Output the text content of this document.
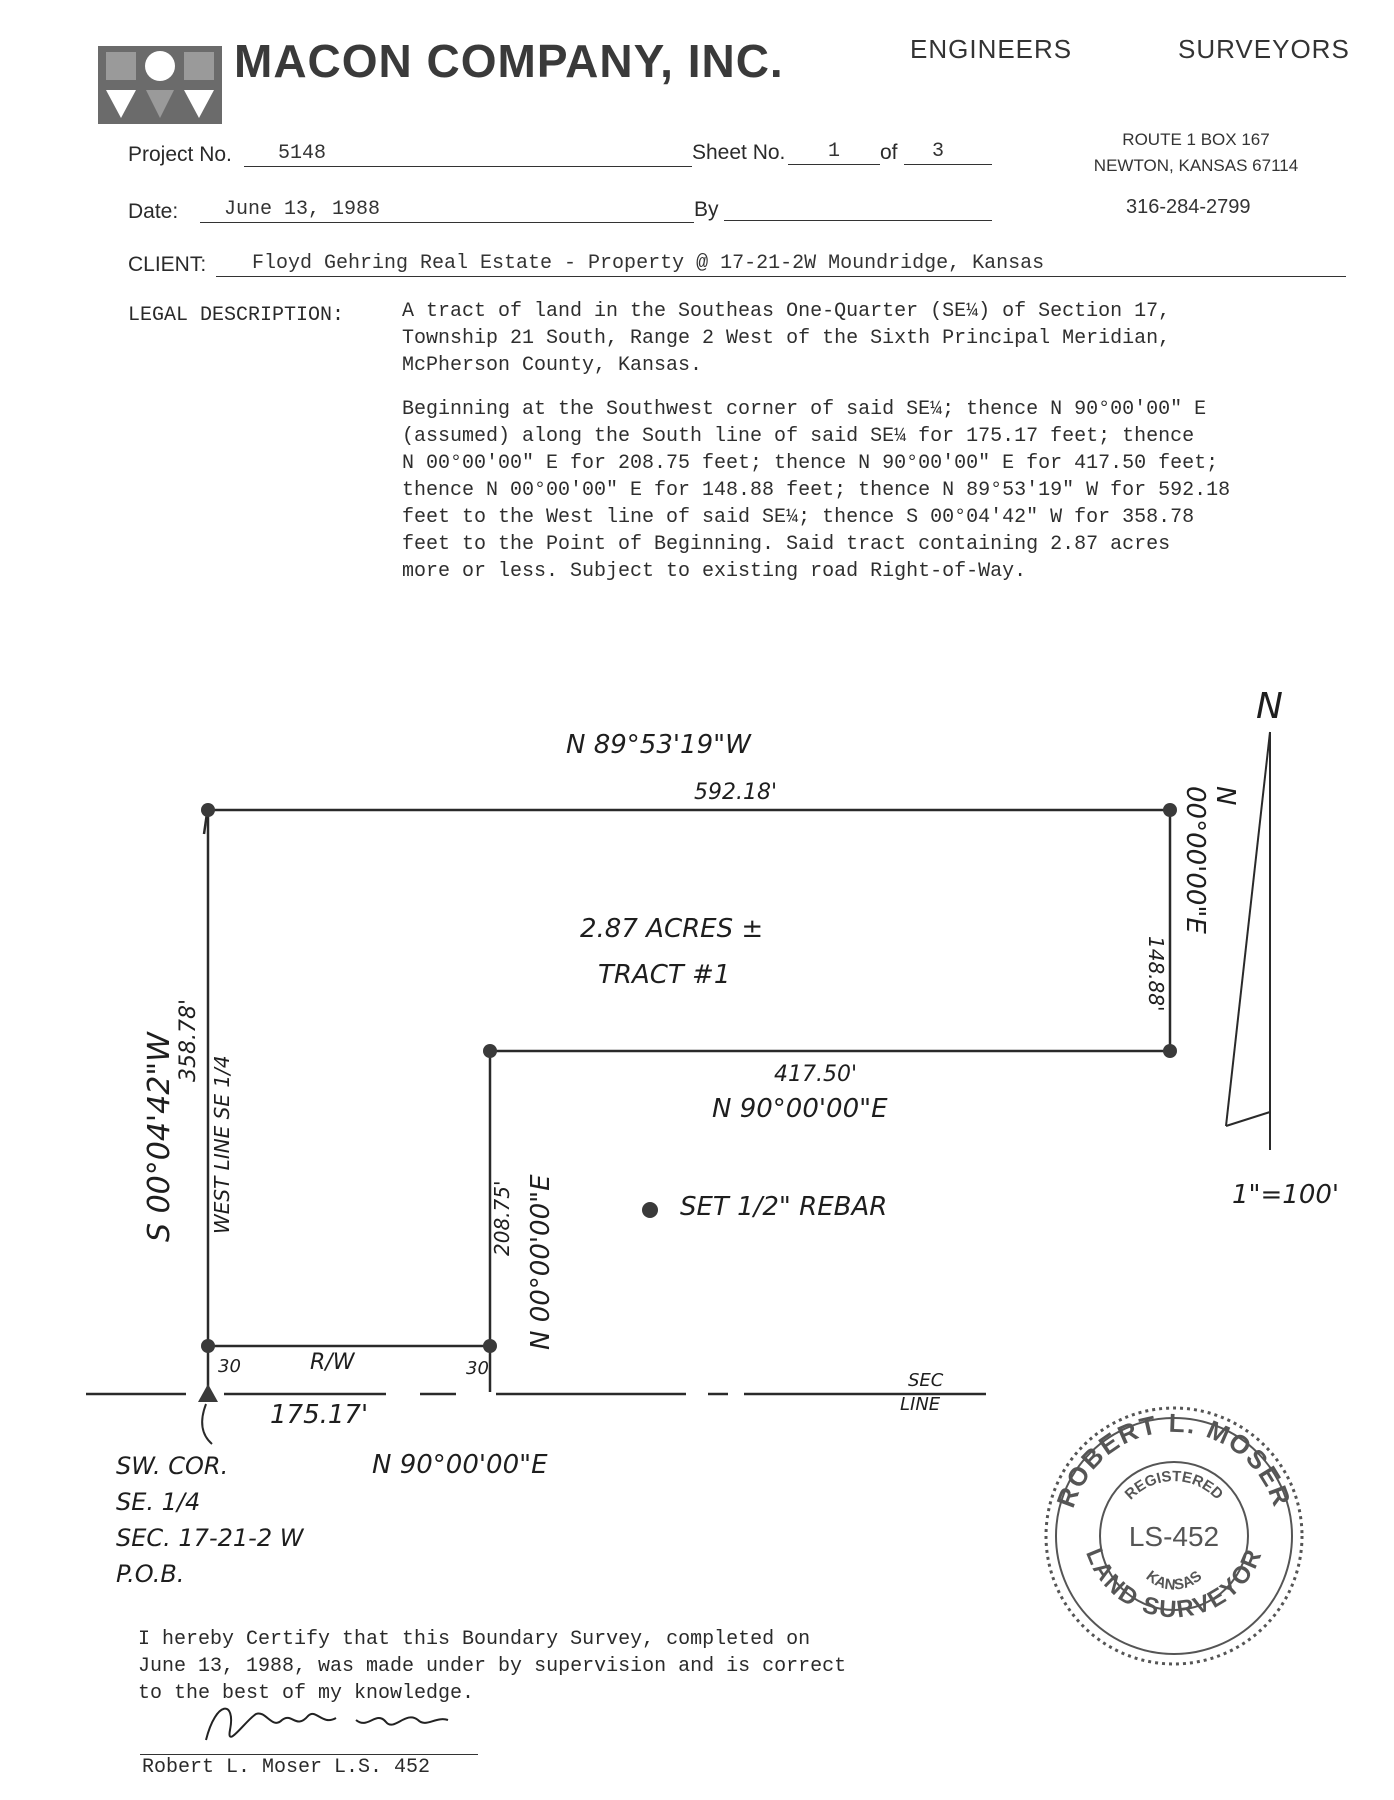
MACON COMPANY, INC.	ENGINEERS	SURVEYORS
Project No.	5148	Sheet No.	1	of	3
ROUTE 1 BOX 167
NEWTON, KANSAS 67114
316-284-2799
Date:	June 13, 1988	By
CLIENT:	Floyd Gehring Real Estate - Property @ 17-21-2W Moundridge, Kansas
LEGAL DESCRIPTION:	A tract of land in the Southeas One-Quarter (SE¼) of Section 17,
Township 21 South, Range 2 West of the Sixth Principal Meridian,
McPherson County, Kansas.
Beginning at the Southwest corner of said SE¼; thence N 90°00'00" E
(assumed) along the South line of said SE¼ for 175.17 feet; thence
N 00°00'00" E for 208.75 feet; thence N 90°00'00" E for 417.50 feet;
thence N 00°00'00" E for 148.88 feet; thence N 89°53'19" W for 592.18
feet to the West line of said SE¼; thence S 00°04'42" W for 358.78
feet to the Point of Beginning. Said tract containing 2.87 acres
more or less. Subject to existing road Right-of-Way.
N 89°53'19"W
592.18'
2.87 ACRES ±
TRACT #1
417.50'
N 90°00'00"E
148.88'
N 00°00'00"E
208.75' N 00°00'00"E
S 00°04'42"W 358.78'
WEST LINE SE 1/4	SET 1/2" REBAR
R/W
30	30
175.17'
N 90°00'00"E
SEC
LINE
N
1"=100'
SW. COR.
SE. 1/4
SEC. 17-21-2 W
P.O.B.
ROBERT L. MOSER
LAND SURVEYOR
REGISTERED
KANSAS
LS-452
I hereby Certify that this Boundary Survey, completed on
June 13, 1988, was made under by supervision and is correct
to the best of my knowledge.
Robert L. Moser L.S. 452
